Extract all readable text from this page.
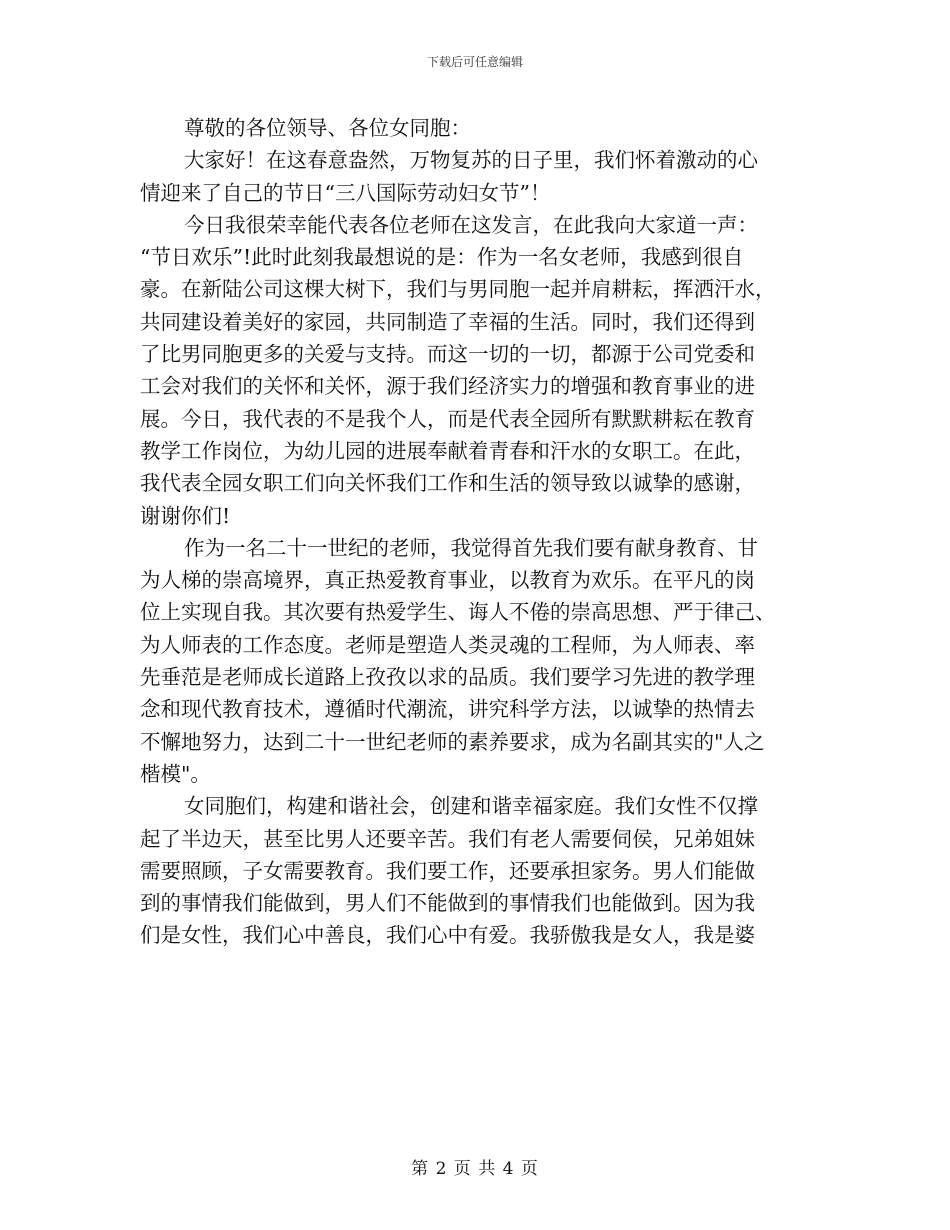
下载后可任意编辑
尊敬的各位领导、各位女同胞：
大家好！在这春意盎然，万物复苏的日子里，我们怀着激动的心
情迎来了自己的节日“三八国际劳动妇女节”！
今日我很荣幸能代表各位老师在这发言，在此我向大家道一声：
“节日欢乐”!此时此刻我最想说的是：作为一名女老师，我感到很自
豪。在新陆公司这棵大树下，我们与男同胞一起并肩耕耘，挥洒汗水，
共同建设着美好的家园，共同制造了幸福的生活。同时，我们还得到
了比男同胞更多的关爱与支持。而这一切的一切，都源于公司党委和
工会对我们的关怀和关怀，源于我们经济实力的增强和教育事业的进
展。今日，我代表的不是我个人，而是代表全园所有默默耕耘在教育
教学工作岗位，为幼儿园的进展奉献着青春和汗水的女职工。在此，
我代表全园女职工们向关怀我们工作和生活的领导致以诚挚的感谢，
谢谢你们!
作为一名二十一世纪的老师，我觉得首先我们要有献身教育、甘
为人梯的崇高境界，真正热爱教育事业，以教育为欢乐。在平凡的岗
位上实现自我。其次要有热爱学生、诲人不倦的崇高思想、严于律己、
为人师表的工作态度。老师是塑造人类灵魂的工程师，为人师表、率
先垂范是老师成长道路上孜孜以求的品质。我们要学习先进的教学理
念和现代教育技术，遵循时代潮流，讲究科学方法，以诚挚的热情去
不懈地努力，达到二十一世纪老师的素养要求，成为名副其实的"人之
楷模"。
女同胞们，构建和谐社会，创建和谐幸福家庭。我们女性不仅撑
起了半边天，甚至比男人还要辛苦。我们有老人需要伺侯，兄弟姐妹
需要照顾，子女需要教育。我们要工作，还要承担家务。男人们能做
到的事情我们能做到，男人们不能做到的事情我们也能做到。因为我
们是女性，我们心中善良，我们心中有爱。我骄傲我是女人，我是婆
第 2 页 共 4 页
